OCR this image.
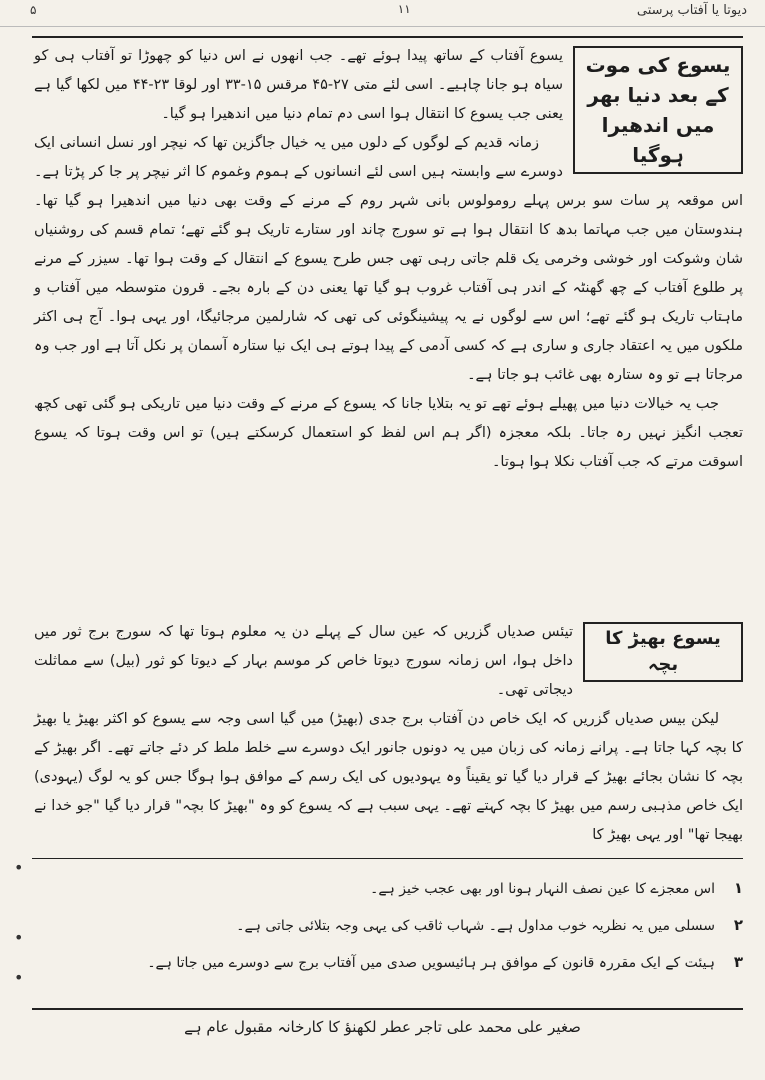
دیوتا یا آفتاب پرستی
۱۱
۵
یسوع کی موت کے بعد دنیا بھر میں اندھیرا ہوگیا

یسوع آفتاب کے ساتھ پیدا ہوئے تھے۔ جب انھوں نے اس دنیا کو چھوڑا تو آفتاب ہی کو سیاہ ہو جانا چاہیے۔ اسی لئے متی ۲۷-۴۵ مرقس ۱۵-۳۳ اور لوقا ۲۳-۴۴ میں لکھا گیا ہے یعنی جب یسوع کا انتقال ہوا اسی دم تمام دنیا میں اندھیرا ہو گیا۔

زمانہ قدیم کے لوگوں کے دلوں میں یہ خیال جاگزین تھا کہ نیچر اور نسل انسانی ایک دوسرے سے وابستہ ہیں اسی لئے انسانوں کے ہموم وغموم کا اثر نیچر پر جا کر پڑتا ہے۔ اس موقعہ پر سات سو برس پہلے رومولوس بانی شہر روم کے مرنے کے وقت بھی دنیا میں اندھیرا ہو گیا تھا۔ ہندوستان میں جب مہاتما بدھ کا انتقال ہوا ہے تو سورج چاند اور ستارے تاریک ہو گئے تھے؛ تمام قسم کی روشنیاں شان وشوکت اور خوشی وخرمی یک قلم جاتی رہی تھی جس طرح یسوع کے انتقال کے وقت ہوا تھا۔ سیزر کے مرنے پر طلوع آفتاب کے چھ گھنٹہ کے اندر ہی آفتاب غروب ہو گیا تھا یعنی دن کے بارہ بجے۔ قرون متوسطہ میں آفتاب و ماہتاب تاریک ہو گئے تھے؛ اس سے لوگوں نے یہ پیشینگوئی کی تھی کہ شارلمین مرجائیگا، اور یہی ہوا۔ آج ہی اکثر ملکوں میں یہ اعتقاد جاری و ساری ہے کہ کسی آدمی کے پیدا ہوتے ہی ایک نیا ستارہ آسمان پر نکل آتا ہے اور جب وہ مرجاتا ہے تو وہ ستارہ بھی غائب ہو جاتا ہے۔

جب یہ خیالات دنیا میں پھیلے ہوئے تھے تو یہ بتلایا جانا کہ یسوع کے مرنے کے وقت دنیا میں تاریکی ہو گئی تھی کچھ تعجب انگیز نہیں رہ جاتا۔ بلکہ معجزہ (اگر ہم اس لفظ کو استعمال کرسکتے ہیں) تو اس وقت ہوتا کہ یسوع اسوقت مرتے کہ جب آفتاب نکلا ہوا ہوتا۔

یسوع بھیڑ کا بچہ

تیئس صدیاں گزریں کہ عین سال کے پہلے دن یہ معلوم ہوتا تھا کہ سورج برج ثور میں داخل ہوا، اس زمانہ سورج دیوتا خاص کر موسم بہار کے دیوتا کو ثور (بیل) سے مماثلت دیجاتی تھی۔

لیکن بیس صدیاں گزریں کہ ایک خاص دن آفتاب برج جدی (بھیڑ) میں گیا اسی وجہ سے یسوع کو اکثر بھیڑ یا بھیڑ کا بچہ کہا جاتا ہے۔ پرانے زمانہ کی زبان میں یہ دونوں جانور ایک دوسرے سے خلط ملط کر دئے جاتے تھے۔ اگر بھیڑ کے بچہ کا نشان بجائے بھیڑ کے قرار دیا گیا تو یقیناً وہ یہودیوں کی ایک رسم کے موافق ہوا ہوگا جس کو یہ لوگ (یہودی) ایک خاص مذہبی رسم میں بھیڑ کا بچہ کہتے تھے۔ یہی سبب ہے کہ یسوع کو وہ "بھیڑ کا بچہ" قرار دیا گیا "جو خدا نے بھیجا تھا" اور یہی بھیڑ کا

۱
اس معجزے کا عین نصف النہار ہونا اور بھی عجب خیز ہے۔
۲
سسلی میں یہ نظریہ خوب مداول ہے۔ شہاب ثاقب کی یہی وجہ بتلائی جاتی ہے۔
۳
ہیئت کے ایک مقررہ قانون کے موافق ہر ہائیسویں صدی میں آفتاب برج سے دوسرے میں جاتا ہے۔
•
•
•
صغیر علی محمد علی تاجر عطر لکھنؤ کا کارخانہ مقبول عام ہے
